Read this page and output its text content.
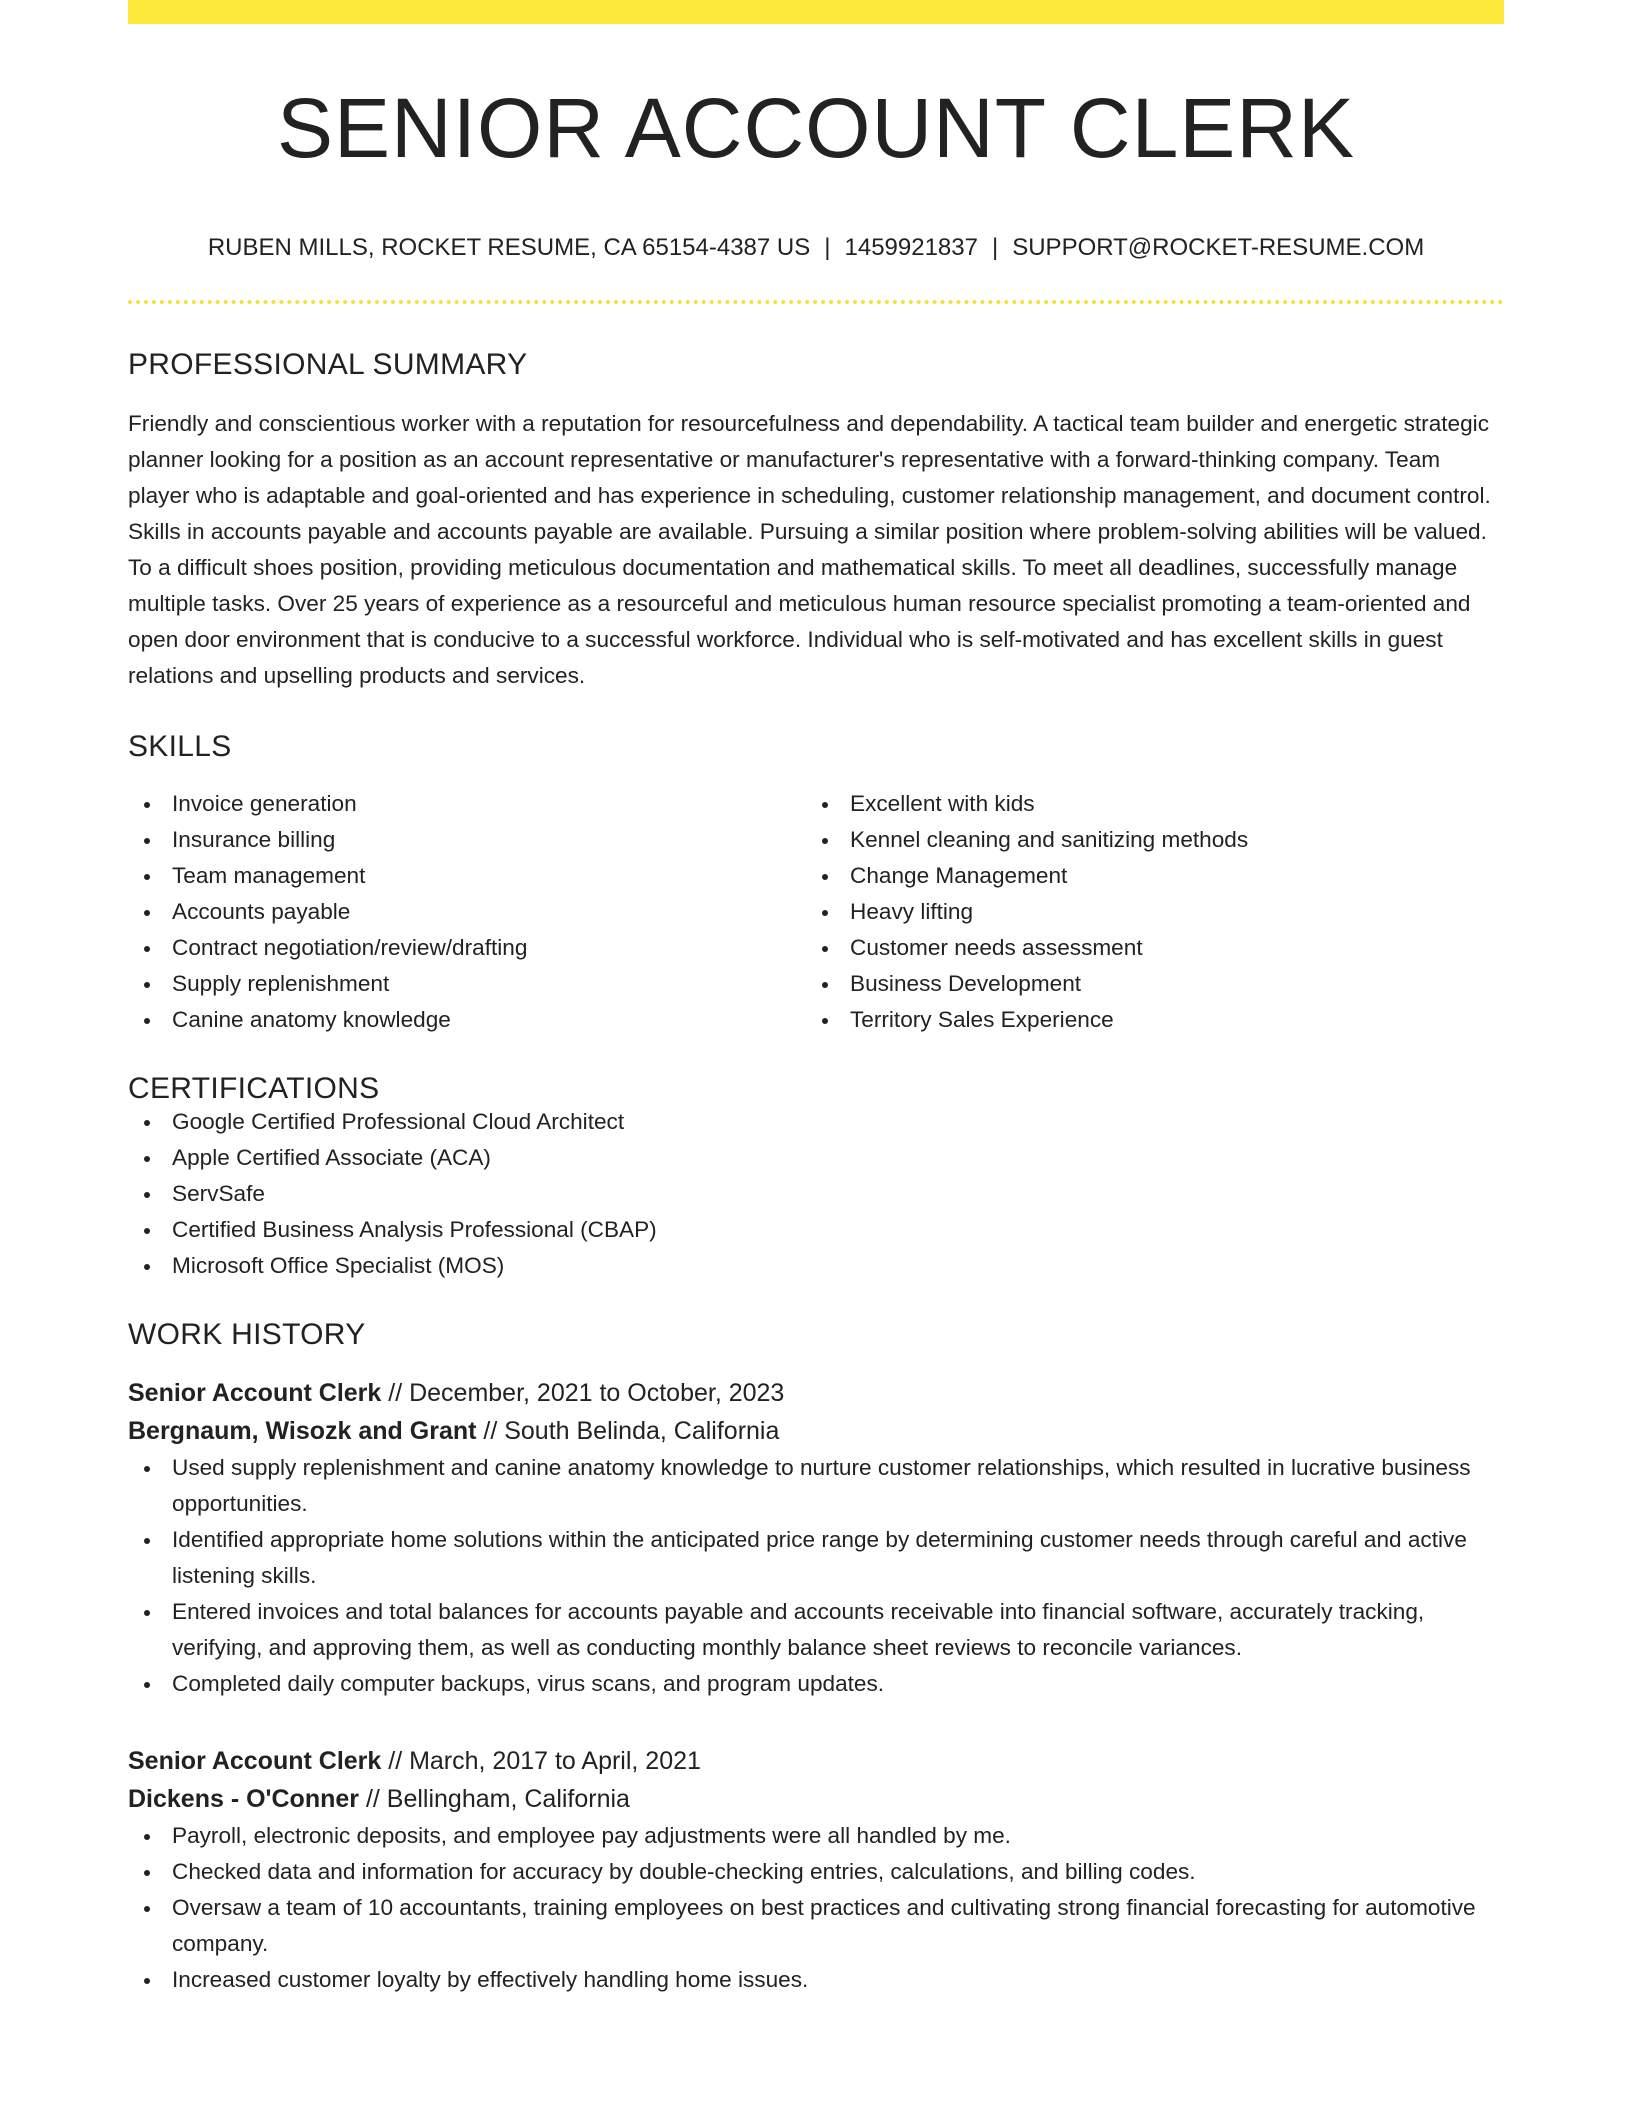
SENIOR ACCOUNT CLERK
RUBEN MILLS, ROCKET RESUME, CA 65154-4387 US | 1459921837 | SUPPORT@ROCKET-RESUME.COM
PROFESSIONAL SUMMARY

Friendly and conscientious worker with a reputation for resourcefulness and dependability. A tactical team builder and energetic strategic planner looking for a position as an account representative or manufacturer's representative with a forward-thinking company. Team player who is adaptable and goal-oriented and has experience in scheduling, customer relationship management, and document control. Skills in accounts payable and accounts payable are available. Pursuing a similar position where problem-solving abilities will be valued. To a difficult shoes position, providing meticulous documentation and mathematical skills. To meet all deadlines, successfully manage multiple tasks. Over 25 years of experience as a resourceful and meticulous human resource specialist promoting a team-oriented and open door environment that is conducive to a successful workforce. Individual who is self-motivated and has excellent skills in guest relations and upselling products and services.

SKILLS
Invoice generation
Insurance billing
Team management
Accounts payable
Contract negotiation/review/drafting
Supply replenishment
Canine anatomy knowledge
Excellent with kids
Kennel cleaning and sanitizing methods
Change Management
Heavy lifting
Customer needs assessment
Business Development
Territory Sales Experience
CERTIFICATIONS
Google Certified Professional Cloud Architect
Apple Certified Associate (ACA)
ServSafe
Certified Business Analysis Professional (CBAP)
Microsoft Office Specialist (MOS)
WORK HISTORY
Senior Account Clerk // December, 2021 to October, 2023
Bergnaum, Wisozk and Grant // South Belinda, California
Used supply replenishment and canine anatomy knowledge to nurture customer relationships, which resulted in lucrative business opportunities.
Identified appropriate home solutions within the anticipated price range by determining customer needs through careful and active listening skills.
Entered invoices and total balances for accounts payable and accounts receivable into financial software, accurately tracking, verifying, and approving them, as well as conducting monthly balance sheet reviews to reconcile variances.
Completed daily computer backups, virus scans, and program updates.
Senior Account Clerk // March, 2017 to April, 2021
Dickens - O'Conner // Bellingham, California
Payroll, electronic deposits, and employee pay adjustments were all handled by me.
Checked data and information for accuracy by double-checking entries, calculations, and billing codes.
Oversaw a team of 10 accountants, training employees on best practices and cultivating strong financial forecasting for automotive company.
Increased customer loyalty by effectively handling home issues.
